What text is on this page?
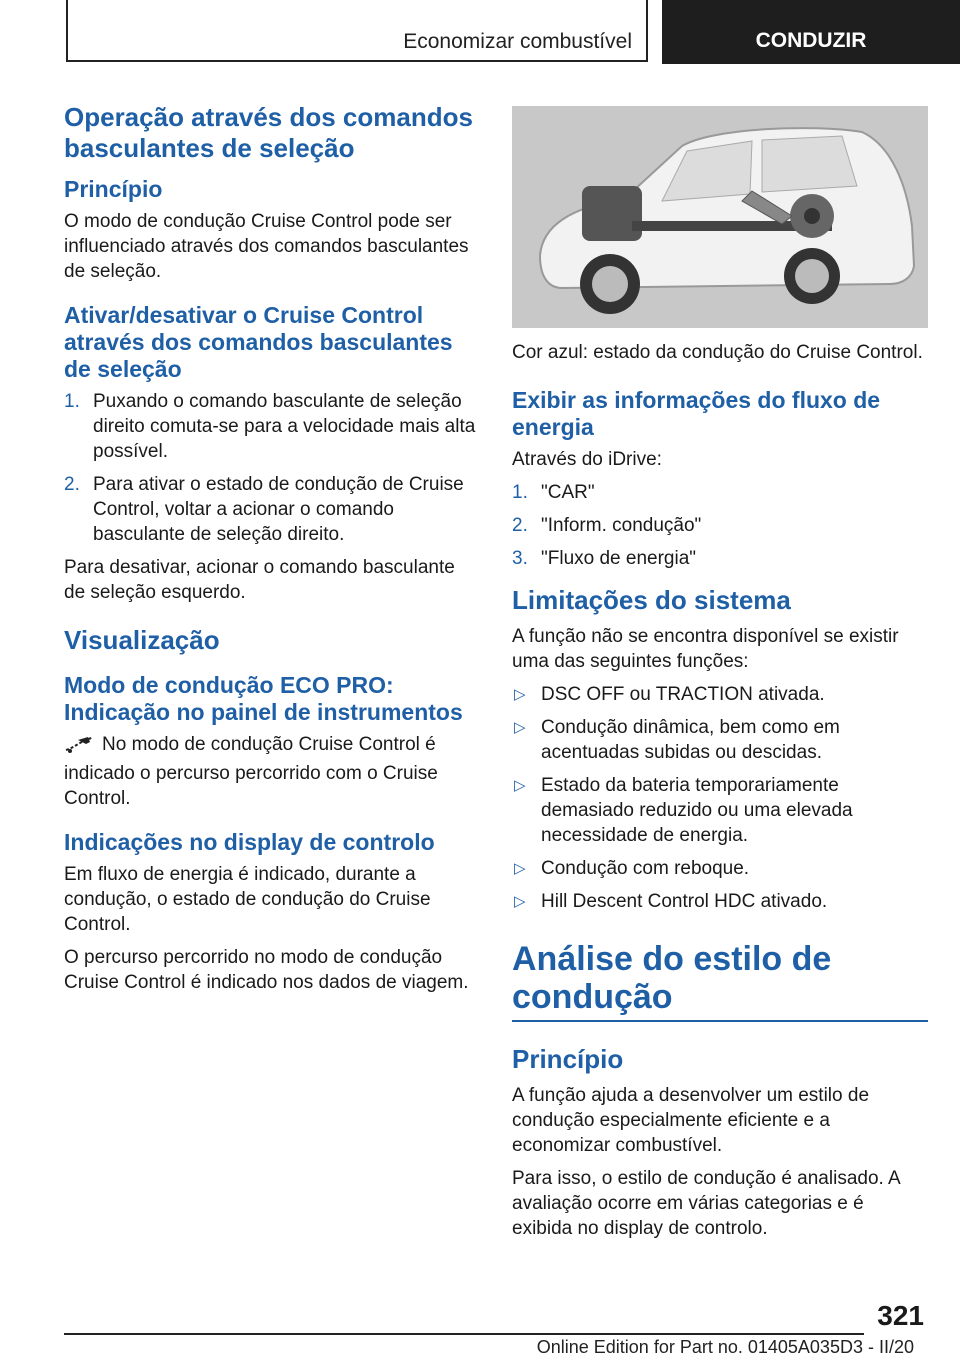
Economizar combustível	CONDUZIR
Operação através dos comandos basculantes de seleção
Princípio

O modo de condução Cruise Control pode ser influenciado através dos comandos basculantes de seleção.

Ativar/desativar o Cruise Control através dos comandos basculantes de seleção
1. Puxando o comando basculante de seleção direito comuta-se para a velocidade mais alta possível.
2. Para ativar o estado de condução de Cruise Control, voltar a acionar o comando basculante de seleção direito.

Para desativar, acionar o comando basculante de seleção esquerdo.

Visualização
Modo de condução ECO PRO: Indicação no painel de instrumentos

No modo de condução Cruise Control é indicado o percurso percorrido com o Cruise Control.

Indicações no display de controlo

Em fluxo de energia é indicado, durante a condução, o estado de condução do Cruise Control.

O percurso percorrido no modo de condução Cruise Control é indicado nos dados de viagem.

Cor azul: estado da condução do Cruise Control.

Exibir as informações do fluxo de energia

Através do iDrive:

1. "CAR"
2. "Inform. condução"
3. "Fluxo de energia"
Limitações do sistema

A função não se encontra disponível se existir uma das seguintes funções:

▷ DSC OFF ou TRACTION ativada.
▷ Condução dinâmica, bem como em acentuadas subidas ou descidas.
▷ Estado da bateria temporariamente demasiado reduzido ou uma elevada necessidade de energia.
▷ Condução com reboque.
▷ Hill Descent Control HDC ativado.
Análise do estilo de condução
Princípio

A função ajuda a desenvolver um estilo de condução especialmente eficiente e a economizar combustível.

Para isso, o estilo de condução é analisado. A avaliação ocorre em várias categorias e é exibida no display de controlo.

321
Online Edition for Part no. 01405A035D3 - II/20
